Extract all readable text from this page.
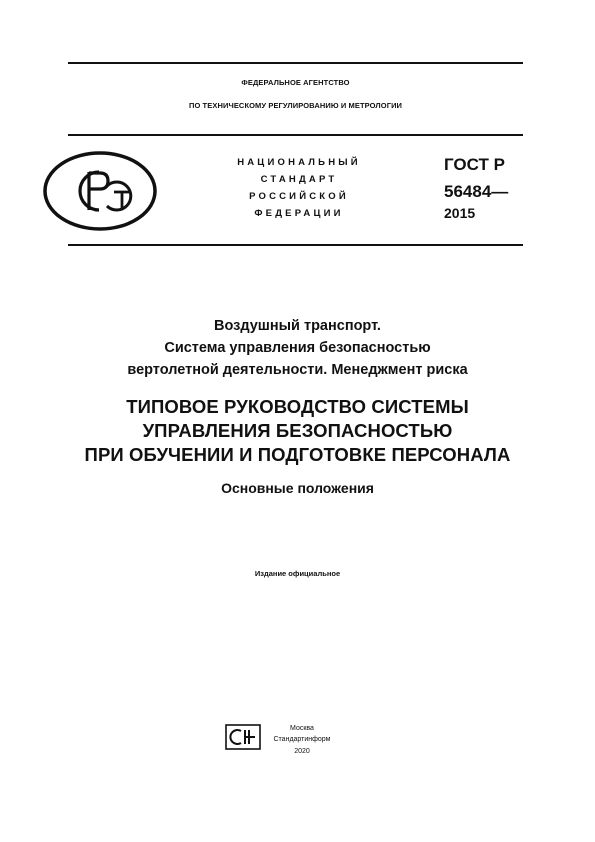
ФЕДЕРАЛЬНОЕ АГЕНТСТВО
ПО ТЕХНИЧЕСКОМУ РЕГУЛИРОВАНИЮ И МЕТРОЛОГИИ
НАЦИОНАЛЬНЫЙ
СТАНДАРТ
РОССИЙСКОЙ
ФЕДЕРАЦИИ
ГОСТ Р
56484—
2015
Воздушный транспорт.
Система управления безопасностью
вертолетной деятельности. Менеджмент риска
ТИПОВОЕ РУКОВОДСТВО СИСТЕМЫ
УПРАВЛЕНИЯ БЕЗОПАСНОСТЬЮ
ПРИ ОБУЧЕНИИ И ПОДГОТОВКЕ ПЕРСОНАЛА
Основные положения
Издание официальное
Москва
Стандартинформ
2020
